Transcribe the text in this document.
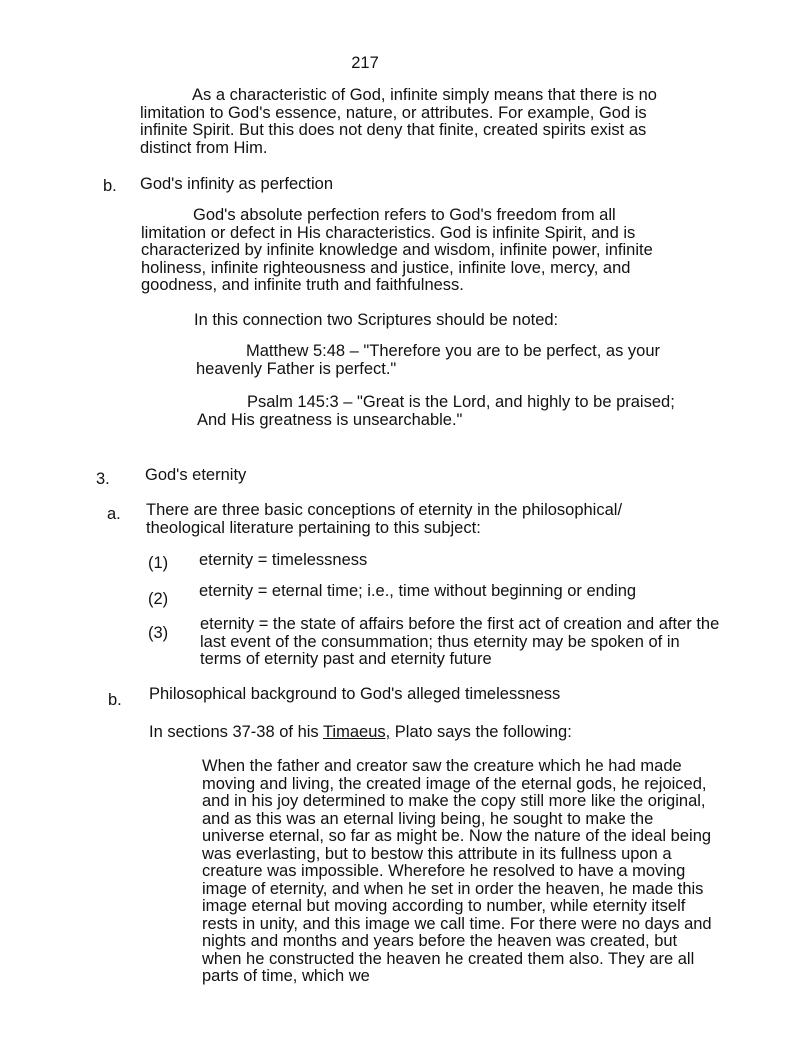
217

As a characteristic of God, infinite simply means that there is no limitation to God's essence, nature, or attributes. For example, God is infinite Spirit. But this does not deny that finite, created spirits exist as distinct from Him.

b. God's infinity as perfection

God's absolute perfection refers to God's freedom from all limitation or defect in His characteristics. God is infinite Spirit, and is characterized by infinite knowledge and wisdom, infinite power, infinite holiness, infinite righteousness and justice, infinite love, mercy, and goodness, and infinite truth and faithfulness.

In this connection two Scriptures should be noted:

Matthew 5:48 – "Therefore you are to be perfect, as your heavenly Father is perfect."

Psalm 145:3 – "Great is the Lord, and highly to be praised; And His greatness is unsearchable."

3. God's eternity
a. There are three basic conceptions of eternity in the philosophical/ theological literature pertaining to this subject:

(1) eternity = timelessness

(2) eternity = eternal time; i.e., time without beginning or ending

(3) eternity = the state of affairs before the first act of creation and after the last event of the consummation; thus eternity may be spoken of in terms of eternity past and eternity future

b. Philosophical background to God's alleged timelessness

In sections 37-38 of his Timaeus, Plato says the following:

When the father and creator saw the creature which he had made moving and living, the created image of the eternal gods, he rejoiced, and in his joy determined to make the copy still more like the original, and as this was an eternal living being, he sought to make the universe eternal, so far as might be. Now the nature of the ideal being was everlasting, but to bestow this attribute in its fullness upon a creature was impossible. Wherefore he resolved to have a moving image of eternity, and when he set in order the heaven, he made this image eternal but moving according to number, while eternity itself rests in unity, and this image we call time. For there were no days and nights and months and years before the heaven was created, but when he constructed the heaven he created them also. They are all parts of time, which we
